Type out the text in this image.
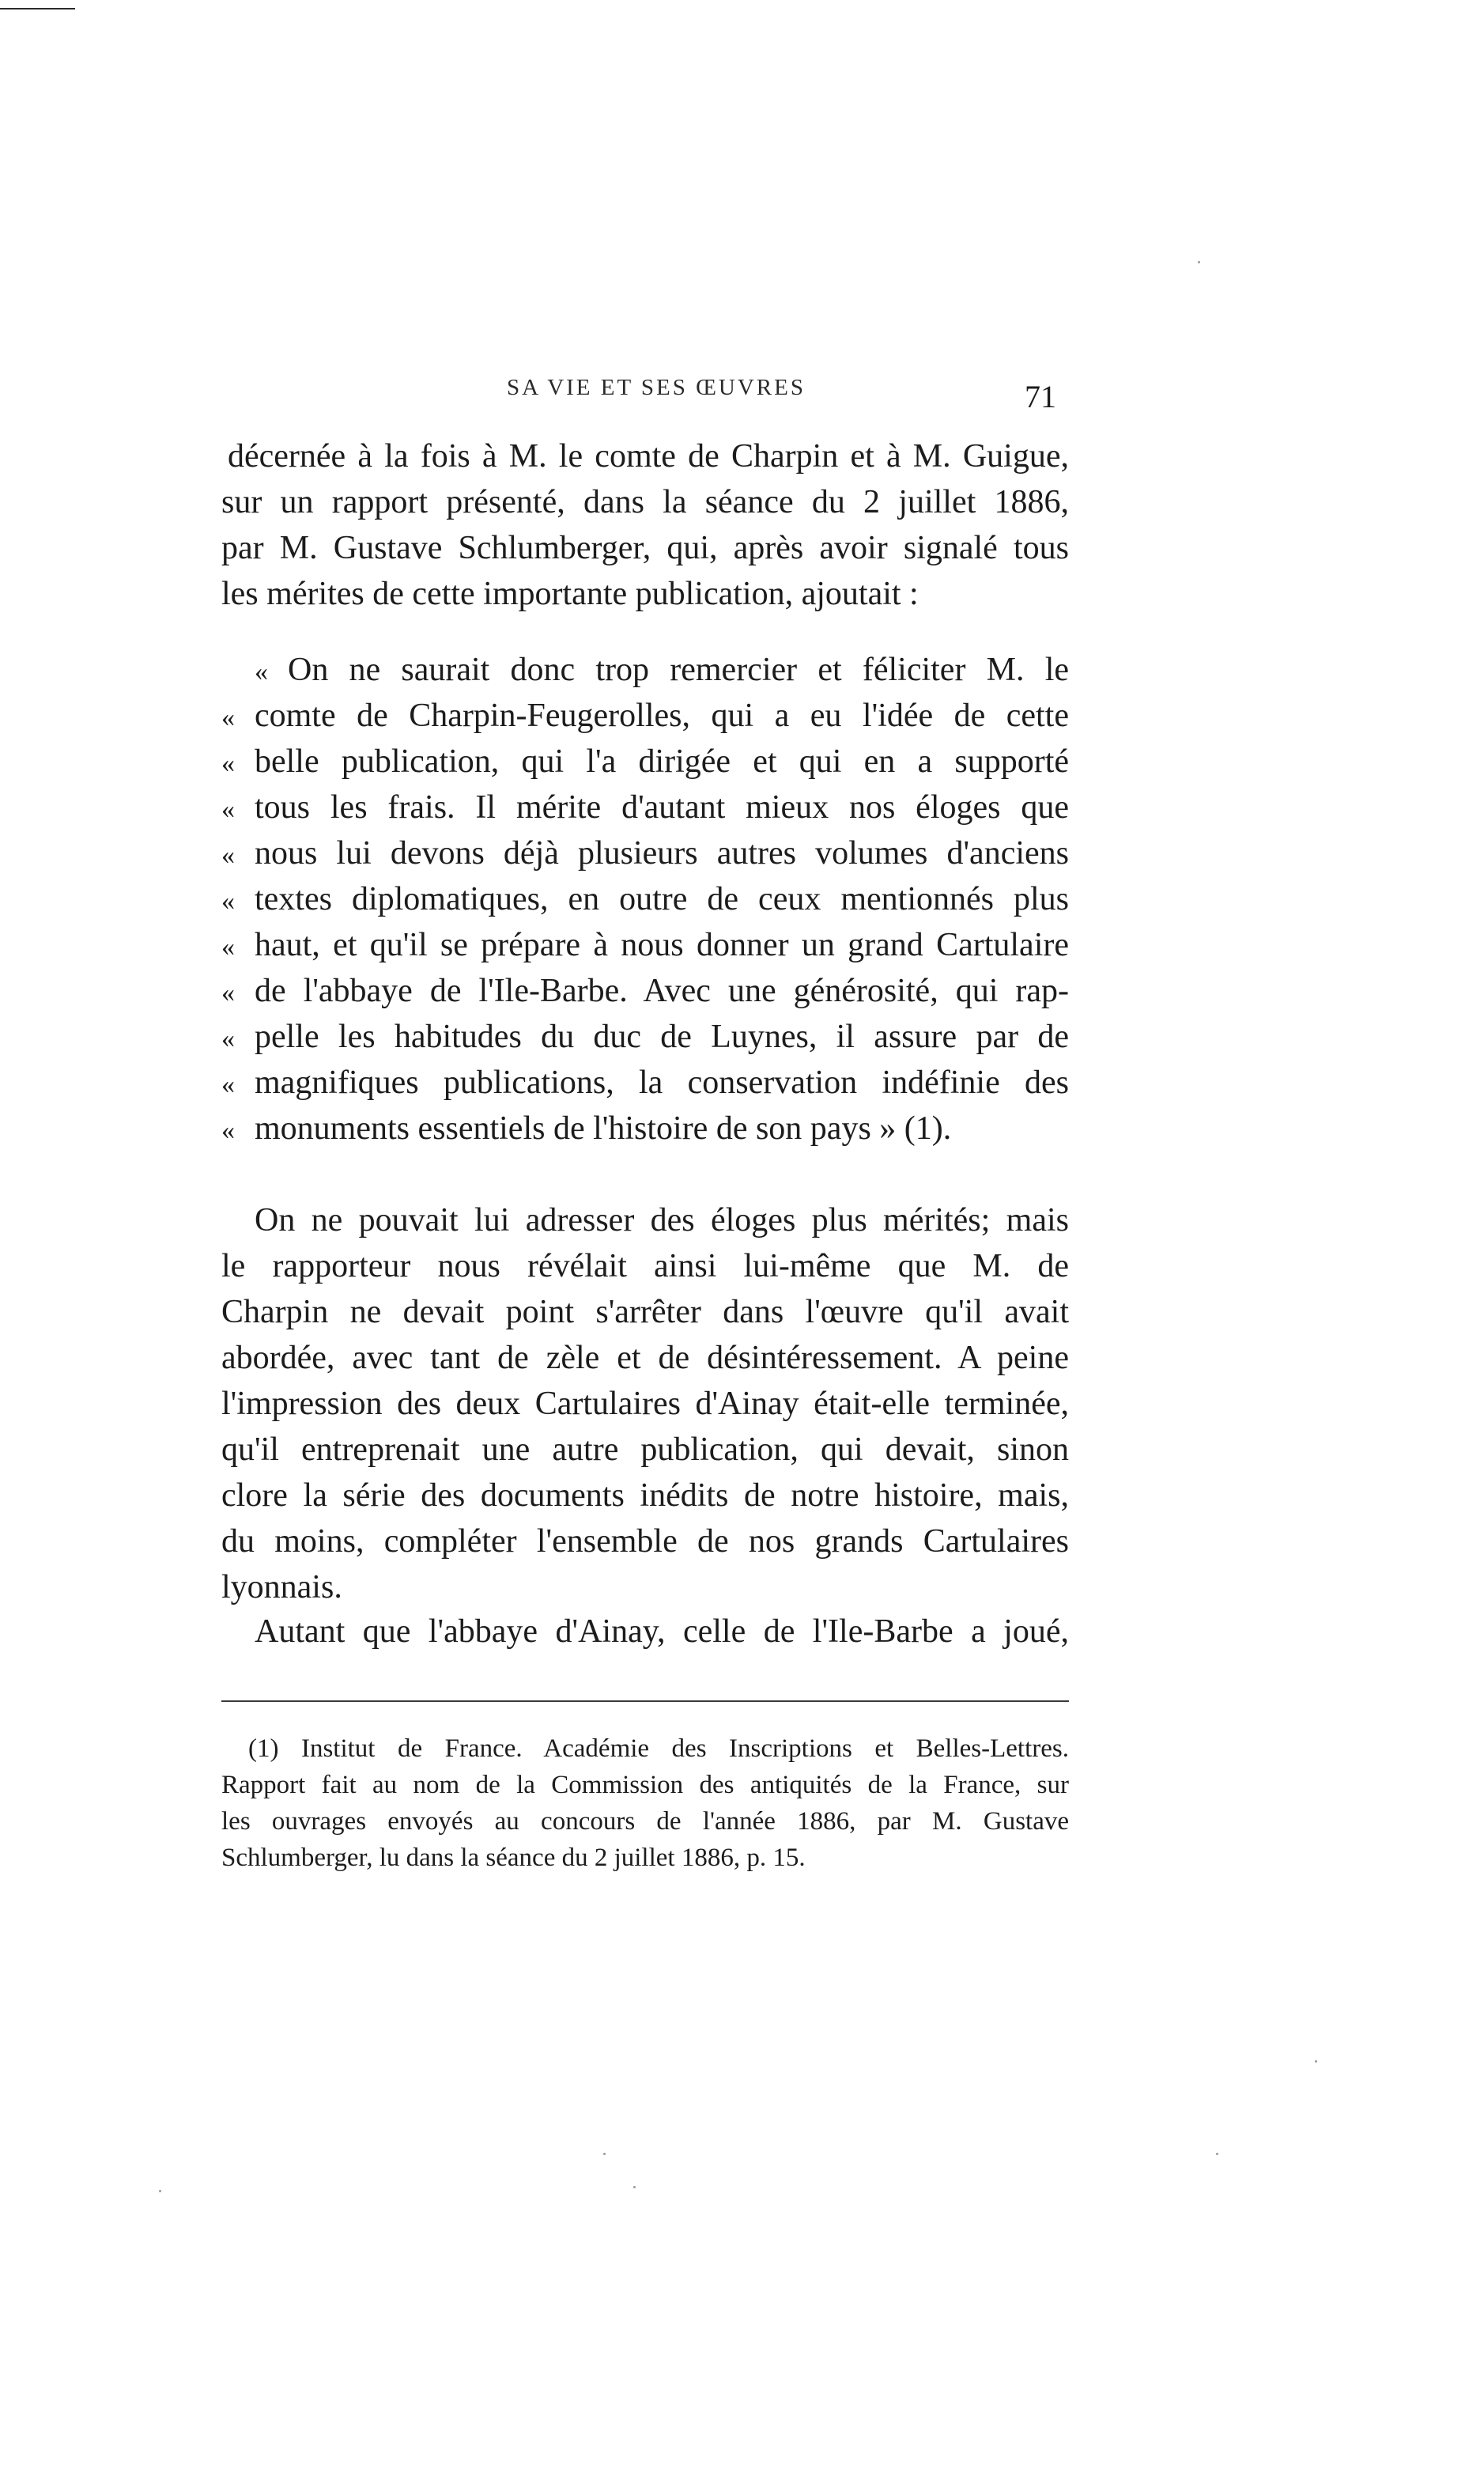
SA VIE ET SES ŒUVRES	71
décernée à la fois à M. le comte de Charpin et à M. Guigue,
sur un rapport présenté, dans la séance du 2 juillet 1886,
par M. Gustave Schlumberger, qui, après avoir signalé tous
les mérites de cette importante publication, ajoutait :
« On ne saurait donc trop remercier et féliciter M. le
« comte de Charpin-Feugerolles, qui a eu l'idée de cette
« belle publication, qui l'a dirigée et qui en a supporté
« tous les frais. Il mérite d'autant mieux nos éloges que
« nous lui devons déjà plusieurs autres volumes d'anciens
« textes diplomatiques, en outre de ceux mentionnés plus
« haut, et qu'il se prépare à nous donner un grand Cartulaire
« de l'abbaye de l'Ile-Barbe. Avec une générosité, qui rap-
« pelle les habitudes du duc de Luynes, il assure par de
« magnifiques publications, la conservation indéfinie des
« monuments essentiels de l'histoire de son pays » (1).
On ne pouvait lui adresser des éloges plus mérités; mais
le rapporteur nous révélait ainsi lui-même que M. de
Charpin ne devait point s'arrêter dans l'œuvre qu'il avait
abordée, avec tant de zèle et de désintéressement. A peine
l'impression des deux Cartulaires d'Ainay était-elle terminée,
qu'il entreprenait une autre publication, qui devait, sinon
clore la série des documents inédits de notre histoire, mais,
du moins, compléter l'ensemble de nos grands Cartulaires
lyonnais.
Autant que l'abbaye d'Ainay, celle de l'Ile-Barbe a joué,
(1) Institut de France. Académie des Inscriptions et Belles-Lettres.
Rapport fait au nom de la Commission des antiquités de la France, sur
les ouvrages envoyés au concours de l'année 1886, par M. Gustave
Schlumberger, lu dans la séance du 2 juillet 1886, p. 15.
